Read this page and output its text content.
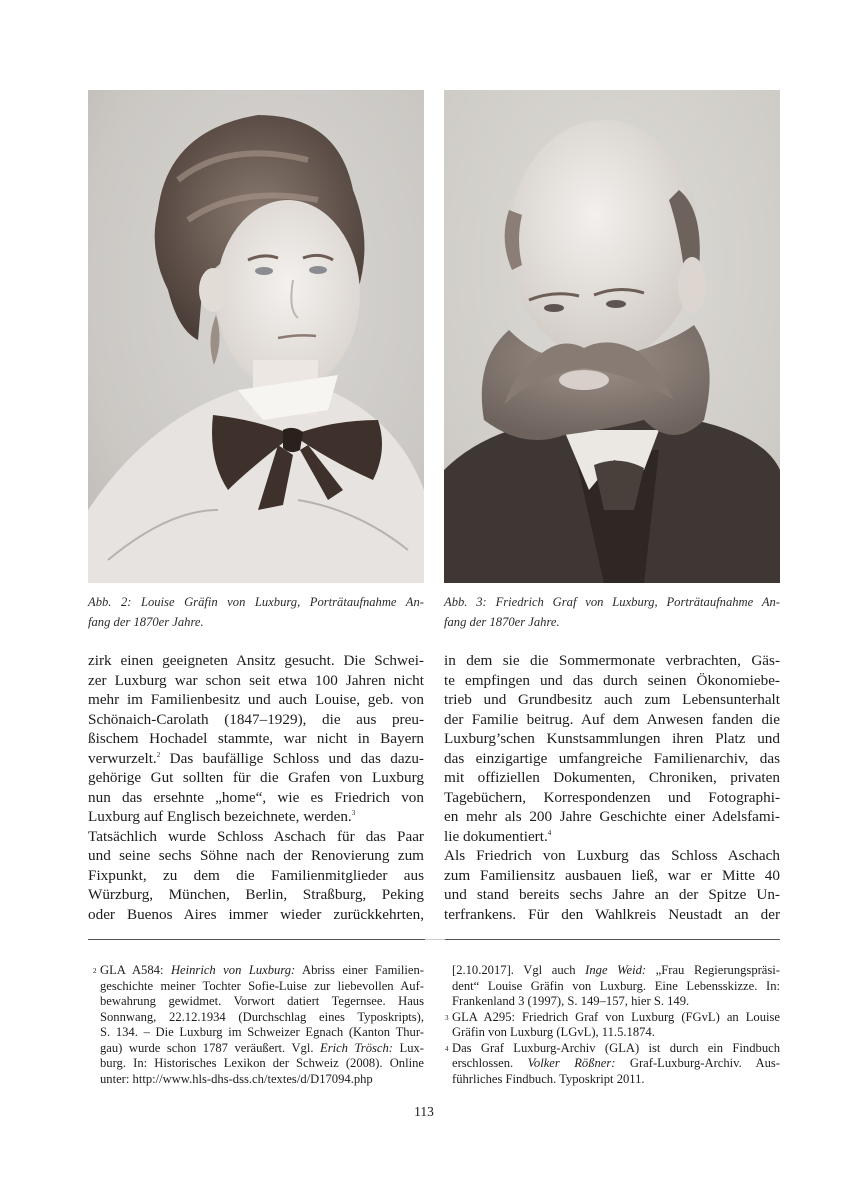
Abb. 2: Louise Gräfin von Luxburg, Porträtaufnahme An-
fang der 1870er Jahre.
Abb. 3: Friedrich Graf von Luxburg, Porträtaufnahme An-
fang der 1870er Jahre.
zirk einen geeigneten Ansitz gesucht. Die Schwei-
zer Luxburg war schon seit etwa 100 Jahren nicht
mehr im Familienbesitz und auch Louise, geb. von
Schönaich-Carolath (1847–1929), die aus preu-
ßischem Hochadel stammte, war nicht in Bayern
verwurzelt.$^2$ Das baufällige Schloss und das dazu-
gehörige Gut sollten für die Grafen von Luxburg
nun das ersehnte „home“, wie es Friedrich von
Luxburg auf Englisch bezeichnete, werden.$^3$
Tatsächlich wurde Schloss Aschach für das Paar
und seine sechs Söhne nach der Renovierung zum
Fixpunkt, zu dem die Familienmitglieder aus
Würzburg, München, Berlin, Straßburg, Peking
oder Buenos Aires immer wieder zurückkehrten,
in dem sie die Sommermonate verbrachten, Gäs-
te empfingen und das durch seinen Ökonomiebe-
trieb und Grundbesitz auch zum Lebensunterhalt
der Familie beitrug. Auf dem Anwesen fanden die
Luxburg’schen Kunstsammlungen ihren Platz und
das einzigartige umfangreiche Familienarchiv, das
mit offiziellen Dokumenten, Chroniken, privaten
Tagebüchern, Korrespondenzen und Fotographi-
en mehr als 200 Jahre Geschichte einer Adelsfami-
lie dokumentiert.$^4$
Als Friedrich von Luxburg das Schloss Aschach
zum Familiensitz ausbauen ließ, war er Mitte 40
und stand bereits sechs Jahre an der Spitze Un-
terfrankens. Für den Wahlkreis Neustadt an der
2 GLA A584: Heinrich von Luxburg: Abriss einer Familien-
geschichte meiner Tochter Sofie-Luise zur liebevollen Auf-
bewahrung gewidmet. Vorwort datiert Tegernsee. Haus
Sonnwang, 22.12.1934 (Durchschlag eines Typoskripts),
S. 134. – Die Luxburg im Schweizer Egnach (Kanton Thur-
gau) wurde schon 1787 veräußert. Vgl. Erich Trösch: Lux-
burg. In: Historisches Lexikon der Schweiz (2008). Online
unter: http://www.hls-dhs-dss.ch/textes/d/D17094.php
[2.10.2017]. Vgl auch Inge Weid: „Frau Regierungspräsi-
dent“ Louise Gräfin von Luxburg. Eine Lebensskizze. In:
Frankenland 3 (1997), S. 149–157, hier S. 149.
3 GLA A295: Friedrich Graf von Luxburg (FGvL) an Louise
Gräfin von Luxburg (LGvL), 11.5.1874.
4 Das Graf Luxburg-Archiv (GLA) ist durch ein Findbuch
erschlossen. Volker Rößner: Graf-Luxburg-Archiv. Aus-
führliches Findbuch. Typoskript 2011.
113
